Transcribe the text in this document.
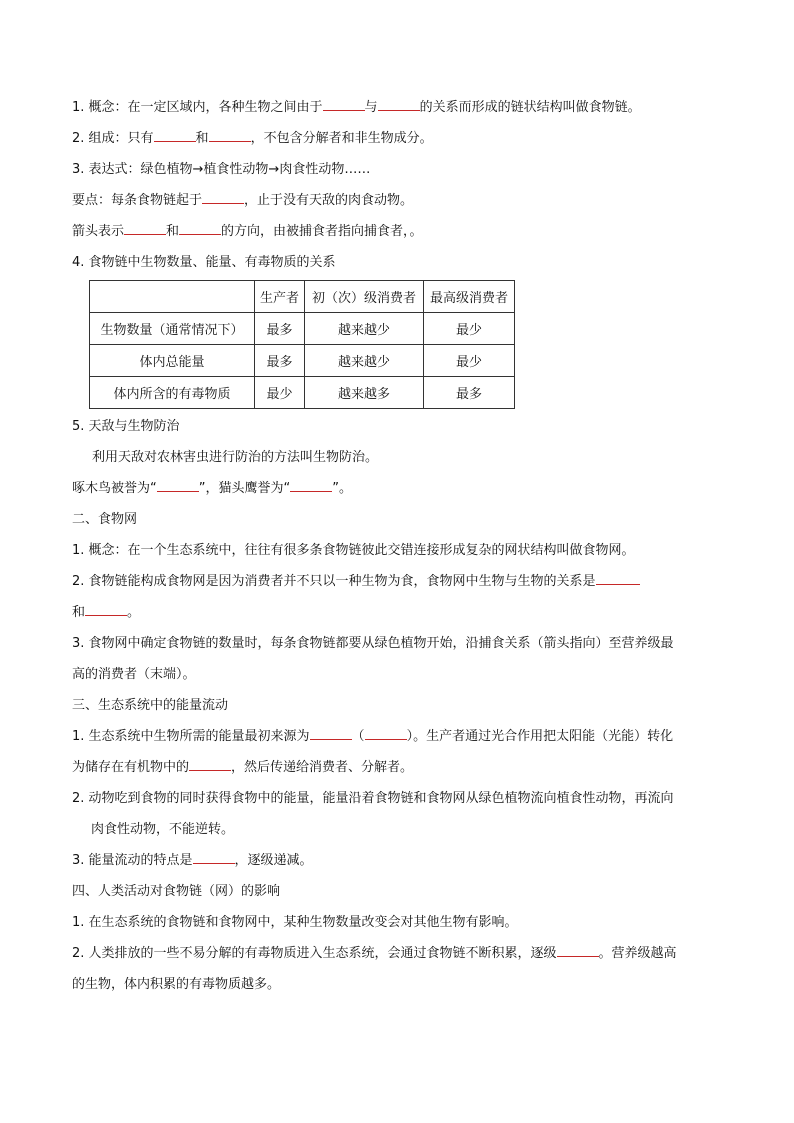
1. 概念：在一定区域内，各种生物之间由于	与	的关系而形成的链状结构叫做食物链。
2. 组成：只有	和	，不包含分解者和非生物成分。
3. 表达式：绿色植物→植食性动物→肉食性动物……
要点：每条食物链起于	，止于没有天敌的肉食动物。
箭头表示	和	的方向，由被捕食者指向捕食者，。
4. 食物链中生物数量、能量、有毒物质的关系
	生产者	初（次）级消费者	最高级消费者
生物数量（通常情况下）	最多	越来越少	最少
体内总能量	最多	越来越少	最少
体内所含的有毒物质	最少	越来越多	最多
5. 天敌与生物防治
利用天敌对农林害虫进行防治的方法叫生物防治。
啄木鸟被誉为“	”，猫头鹰誉为“	”。
二、食物网
1. 概念：在一个生态系统中，往往有很多条食物链彼此交错连接形成复杂的网状结构叫做食物网。
2. 食物链能构成食物网是因为消费者并不只以一种生物为食，食物网中生物与生物的关系是
和	。
3. 食物网中确定食物链的数量时，每条食物链都要从绿色植物开始，沿捕食关系（箭头指向）至营养级最
高的消费者（末端）。
三、生态系统中的能量流动
1. 生态系统中生物所需的能量最初来源为	（	）。生产者通过光合作用把太阳能（光能）转化
为储存在有机物中的	，然后传递给消费者、分解者。
2. 动物吃到食物的同时获得食物中的能量，能量沿着食物链和食物网从绿色植物流向植食性动物，再流向
肉食性动物，不能逆转。
3. 能量流动的特点是	，逐级递减。
四、人类活动对食物链（网）的影响
1. 在生态系统的食物链和食物网中，某种生物数量改变会对其他生物有影响。
2. 人类排放的一些不易分解的有毒物质进入生态系统，会通过食物链不断积累，逐级	。营养级越高
的生物，体内积累的有毒物质越多。
